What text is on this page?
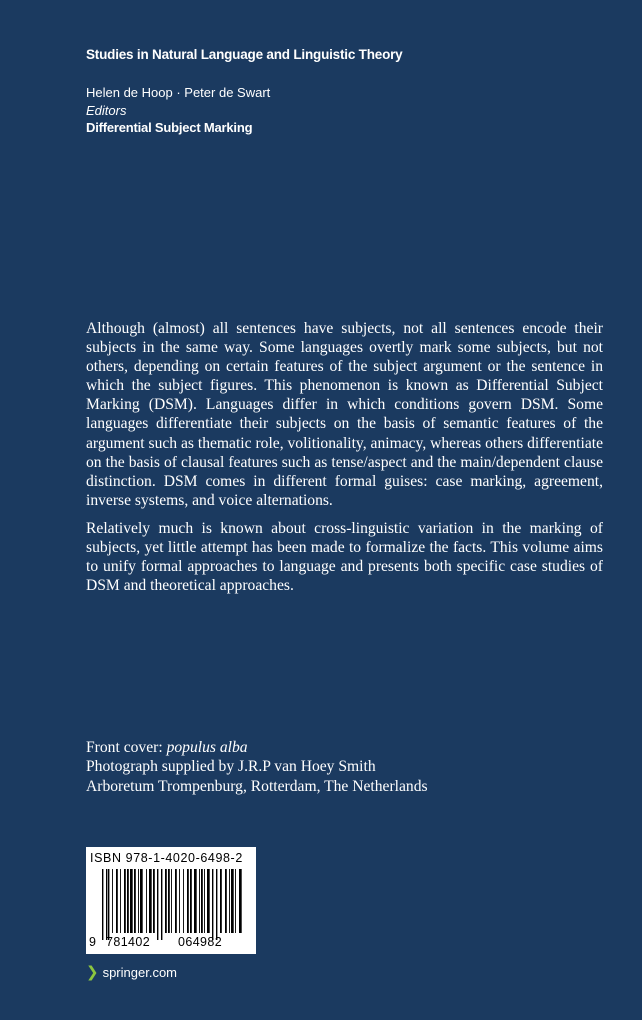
Studies in Natural Language and Linguistic Theory
Helen de Hoop · Peter de Swart
Editors
Differential Subject Marking

Although (almost) all sentences have subjects, not all sentences encode their subjects in the same way. Some languages overtly mark some subjects, but not others, depending on certain features of the subject argument or the sentence in which the subject figures. This phenomenon is known as Differential Subject Marking (DSM). Languages differ in which conditions govern DSM. Some languages differentiate their subjects on the basis of semantic features of the argument such as thematic role, volitionality, animacy, whereas others differentiate on the basis of clausal features such as tense/aspect and the main/dependent clause distinction. DSM comes in different formal guises: case marking, agreement, inverse systems, and voice alternations.

Relatively much is known about cross-linguistic variation in the marking of subjects, yet little attempt has been made to formalize the facts. This volume aims to unify formal approaches to language and presents both specific case studies of DSM and theoretical approaches.

Front cover: populus alba
Photograph supplied by J.R.P van Hoey Smith
Arboretum Trompenburg, Rotterdam, The Netherlands
ISBN 978-1-4020-6498-2
9 781402 064982
❯ springer.com
